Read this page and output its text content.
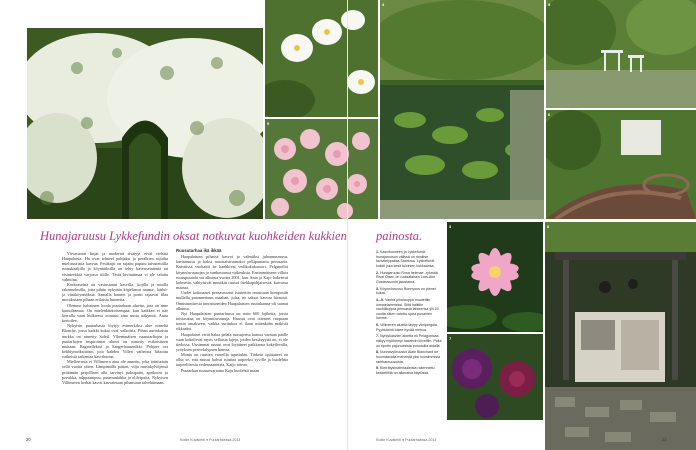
Hunajaruusu Lykkefundin oksat notkuvat kuohkeiden kukkien	painosta.

Viivasuorat linjat ja modernit sisätyyt eivät viehätä Haapalaista. Hu ovat tehneet pohjaksi ja perälkien rojuilta mielisuurasta kasvua. Pesäkojit on rajattu paputu taivutetuilla ruusukaaljilla ja köynnöksillä on tehty kasvuseinämiä tai eistnteekkiä varjossa tilille. Tästä kivitutimaa vi ole selotta valmiina.

Korkeaseinä on vastustanut kasvilla, kojilla ja muilla rakennelmilla, joita pihiin nykyään köpelinvat rauma-, kärhö- ja viiniköynnöksiä. Samalla kaarret ja portit rajaavat tilaa moodostaen pihaan erilaisia huoneita.

Olemme halunneet luoda puutarhaan aluetta, jota on ume kumoleamua. On mielenkiintoisempaa, kun kaikkea ei näe kerralla vaan kulkiessa avautuu aina uusia näkymiä, Anita kertoilee.

Nykyisin puutarhasta löytyy esimerkiksi alue nimeltä Blanche, jossa kaikki kukat ovat valkoisia. Pihan aurinkoisin nurkka on nimetty Soleil. Ylhemmäisen ruusutarhojen ja puutarhojen inspiroimat alueet on nimetty esikoisiteen mukaan: Bagatellekixi ja Sangerhausenikki. Pohjaer ovi kekhiynnöksittäan, jota kahden Villen vaiheista läksottu vaikeisiä tarkentaa kasvihuone.

Miellerrusta ei Villimerra aina ole annettu, joka tointuttain sellä vuotta sitten. Lämpimällä pation, vilja ruusukylvöjensä prittämän perjollisen alki tarvinyt paksipaita, aprikoosi ja persikka, tulppaanipuu, puumunkikka ja olilvipuita. Nykyisen Villimeren herkät kasvit kasvatetaan pihansaan talvehtimaan.

Ruusutarhaa ikä ikkää

Haapalaisten pihassa kasvoi jo valmiiksi juhannusruusu, kurttaruusu ja kaksi muotiaistruusukoi peltipuutarta perusaeia. Kuistiissa vuokaitti he hankkivat vedikokukassori. Pelgaroiliti köynnösruusujen jo vanhasuussa vaikeuksia. Ensimmäiseen vilkoa ruusupuutahi sai alkunsa vuotta 2001, kun Anta ja Kajo hakenvat kolmetia, vähtyisivät muutkin ruusut fiiekkapohjaisessa, kuivassa maassa.

Uudet kotimaiset pensasruusut istutettiin omassaan kompostin mullalla parannettuun maahan, jolsa, ne saksot kasvaa hienosti. Onnistumisesta innostuneiden Haapalaisten ruusukanna-oli saanut alkunsa.

Nyt Haapalaisten puutarhassa on noin 600 lajiketta, joista toistasataa on köynnösruusuja. Ruusut ovat otteneet ruopiaan tontin omakseen, vaikka suriinkoa ei ilaan mitenkään mäkisiä rikkaaksi.

Haapalaiset eivät halua pelata ruusujensa kanssa varman päälle vaan kokeilevat myös sellaisia lajeja, joiden kestävyyttä on, ei ole tiedossa. Uusimmat ruusut ovat löytäneet paikkansa kokeilevalla, yrityksen perivelalypsen kanssa.

Moniu on ruusien varretlla tapettukin. Tärkein opittaneet on ollut se, että ruusut halvat istuttaa tarpeeksi syville ja huolehtia tarpeellisesta vedensaannista, Kaijo toteaa.

Puutarhan ruusunvartaina Kajo huolehtii maan

1. Kasvihuoneen ja Lykkefundt-hunajaruusun välissä on rinnikse tavivitelypakka Saarkruu. Lykkefundt kukkii joka kesä tulvinien kukkaansa.
2. Hunajaruusu Rosa helenae -ryhmää Rival Oisen on ruotsalaisen Lars-Ake Gustavssonin jalostama.
3. Köynnösruusu Bonnyous on pienet kukat.
4.–5. Vanha pihaluuppa muutettiin lummelammeksi. Siitä halittiin vauhtikuppia pensasta lahteensa ylli 15 vuotta sitten ostettu upea punainen lumme.
6. Villimeren aluetta läytyy viinipergola. Pyyhkärinti tukee hyvää mehua.
7. Nyrkykasvien aluetta eli Pelagonicaa näkyy myöhempi kaarevin kiivettiin. Polut on tiputtu pajunoksista punotuilla aidalla.
8. Nunnavyöruusun Alain Blanchard on huumaavalla meheistä yksi kuusimmista rambanruusuista.
9. Kierrätysmateriaaleista rakennettu keskeltitilä on alkeraisa käytössä.
3
4	5
6
7
8
9
20	Kodin Kuvalehti ● Puutarhaessa 2013	Kodin Kuvalehti ● Puutarhaessa 2013	21
